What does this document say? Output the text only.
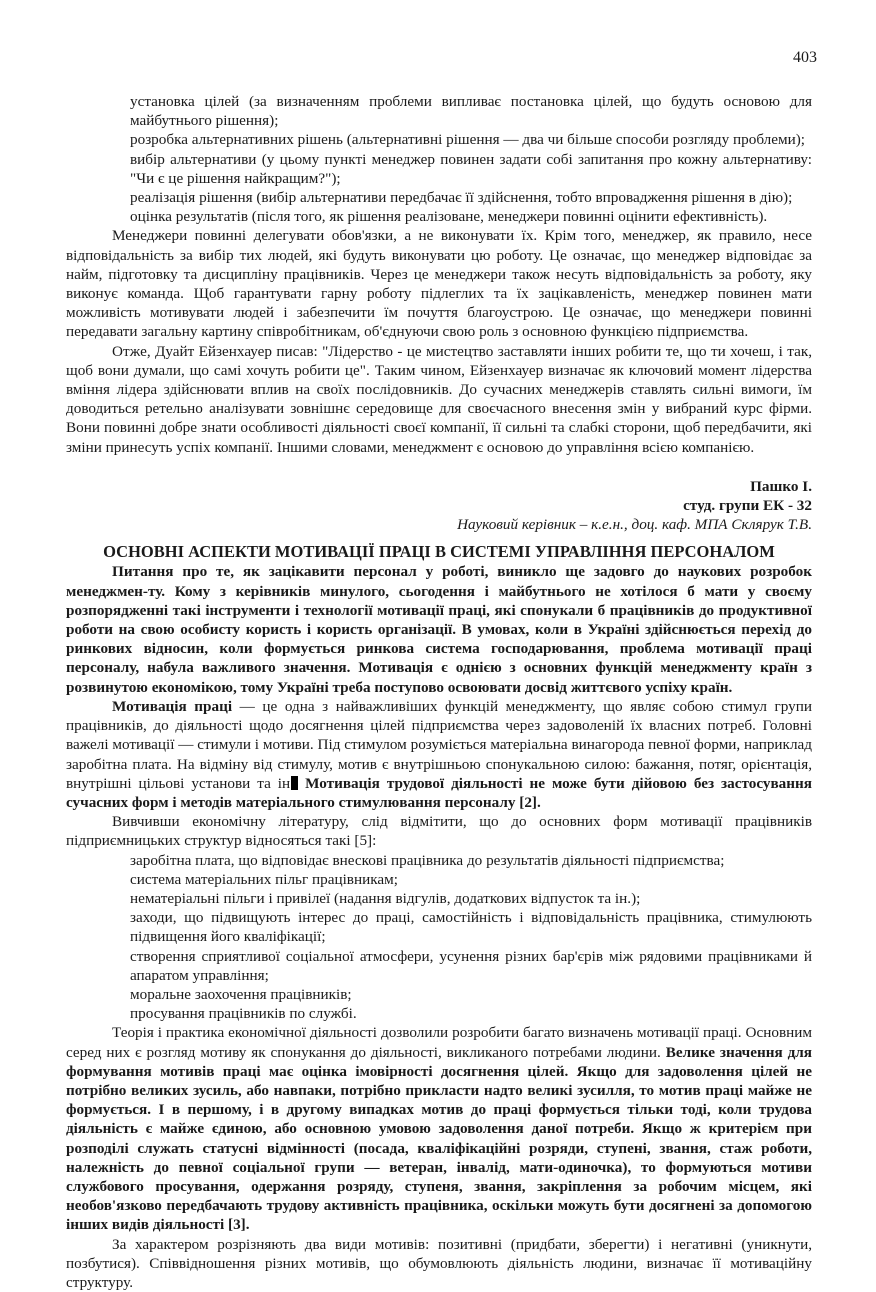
403
установка цілей (за визначенням проблеми випливає постановка цілей, що будуть основою для майбутнього рішення);
розробка альтернативних рішень (альтернативні рішення — два чи більше способи розгляду проблеми);
вибір альтернативи (у цьому пункті менеджер повинен задати собі запитання про кожну альтернативу: "Чи є це рішення найкращим?");
реалізація рішення (вибір альтернативи передбачає її здійснення, тобто впровадження рішення в дію);
оцінка результатів (після того, як рішення реалізоване, менеджери повинні оцінити ефективність).

Менеджери повинні делегувати обов'язки, а не виконувати їх. Крім того, менеджер, як правило, несе відповідальність за вибір тих людей, які будуть виконувати цю роботу. Це означає, що менеджер відповідає за найм, підготовку та дисципліну працівників. Через це менеджери також несуть відповідальність за роботу, яку виконує команда. Щоб гарантувати гарну роботу підлеглих та їх зацікавленість, менеджер повинен мати можливість мотивувати людей і забезпечити їм почуття благоустрою. Це означає, що менеджери повинні передавати загальну картину співробітникам, об'єднуючи свою роль з основною функцією підприємства.

Отже, Дуайт Ейзенхауер писав: "Лідерство - це мистецтво заставляти інших робити те, що ти хочеш, і так, щоб вони думали, що самі хочуть робити це". Таким чином, Ейзенхауер визначає як ключовий момент лідерства вміння лідера здійснювати вплив на своїх послідовників. До сучасних менеджерів ставлять сильні вимоги, їм доводиться ретельно аналізувати зовнішнє середовище для своєчасного внесення змін у вибраний курс фірми. Вони повинні добре знати особливості діяльності своєї компанії, її сильні та слабкі сторони, щоб передбачити, які зміни принесуть успіх компанії. Іншими словами, менеджмент є основою до управління всією компанією.

Пашко І.
студ. групи ЕК - 32
Науковий керівник – к.е.н., доц. каф. МПА Склярук Т.В.
ОСНОВНІ АСПЕКТИ МОТИВАЦІЇ ПРАЦІ В СИСТЕМІ УПРАВЛІННЯ ПЕРСОНАЛОМ

Питання про те, як зацікавити персонал у роботі, виникло ще задовго до наукових розробок менеджмен-ту. Кому з керівників минулого, сьогодення і майбутнього не хотілося б мати у своєму розпорядженні такі інструменти і технології мотивації праці, які спонукали б працівників до продуктивної роботи на свою особисту користь і користь організації. В умовах, коли в Україні здійснюється перехід до ринкових відносин, коли формується ринкова система господарювання, проблема мотивації праці персоналу, набула важливого значення. Мотивація є однією з основних функцій менеджменту країн з розвинутою економікою, тому Україні треба поступово освоювати досвід життєвого успіху країн.

Мотивація праці — це одна з найважливіших функцій менеджменту, що являє собою стимул групи працівників, до діяльності щодо досягнення цілей підприємства через задоволеній їх власних потреб. Головні важелі мотивації — стимули і мотиви. Під стимулом розуміється матеріальна винагорода певної форми, наприклад заробітна плата. На відміну від стимулу, мотив є внутрішньою спонукальною силою: бажання, потяг, орієнтація, внутрішні цільові установи та ін Мотивація трудової діяльності не може бути дійовою без застосування сучасних форм і методів матеріального стимулювання персоналу [2].

Вивчивши економічну літературу, слід відмітити, що до основних форм мотивації працівників підприємницьких структур відносяться такі [5]:

заробітна плата, що відповідає внескові працівника до результатів діяльності підприємства;
система матеріальних пільг працівникам;
нематеріальні пільги і привілеї (надання відгулів, додаткових відпусток та ін.);
заходи, що підвищують інтерес до праці, самостійність і відповідальність працівника, стимулюють підвищення його кваліфікації;
створення сприятливої соціальної атмосфери, усунення різних бар'єрів між рядовими працівниками й апаратом управління;
моральне заохочення працівників;
просування працівників по службі.

Теорія і практика економічної діяльності дозволили розробити багато визначень мотивації праці. Основним серед них є розгляд мотиву як спонукання до діяльності, викликаного потребами людини. Велике значення для формування мотивів праці має оцінка імовірності досягнення цілей. Якщо для задоволення цілей не потрібно великих зусиль, або навпаки, потрібно прикласти надто великі зусилля, то мотив праці майже не формується. І в першому, і в другому випадках мотив до праці формується тільки тоді, коли трудова діяльність є майже єдиною, або основною умовою задоволення даної потреби. Якщо ж критерієм при розподілі служать статусні відмінності (посада, кваліфікаційні розряди, ступені, звання, стаж роботи, належність до певної соціальної групи — ветеран, інвалід, мати-одиночка), то формуються мотиви службового просування, одержання розряду, ступеня, звання, закріплення за робочим місцем, які необов'язково передбачають трудову активність працівника, оскільки можуть бути досягнені за допомогою інших видів діяльності [3].

За характером розрізняють два види мотивів: позитивні (придбати, зберегти) і негативні (уникнути, позбутися). Співвідношення різних мотивів, що обумовлюють діяльність людини, визначає її мотиваційну структуру.
